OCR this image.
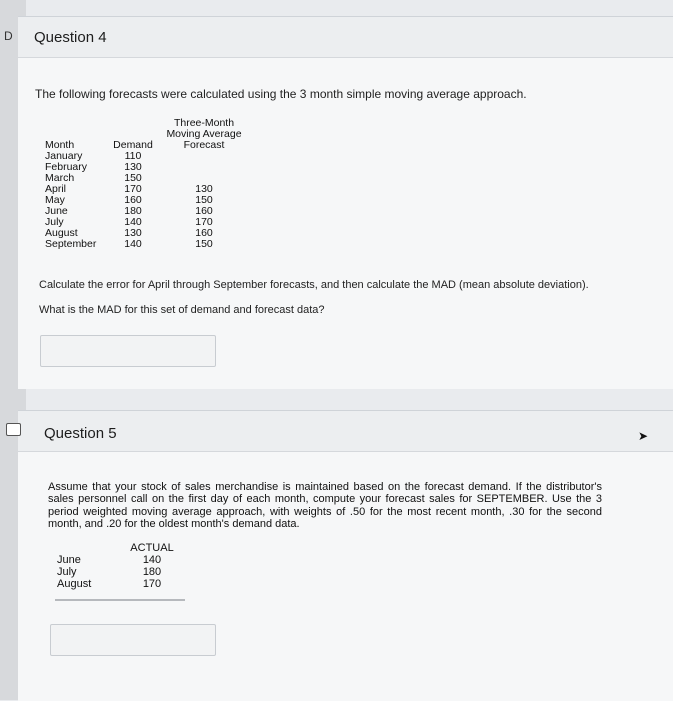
D Question 4
The following forecasts were calculated using the 3 month simple moving average approach.
		Three-Month
		Moving Average
Month	Demand	Forecast
January	110	
February	130	
March	150	
April	170	130
May	160	150
June	180	160
July	140	170
August	130	160
September	140	150
Calculate the error for April through September forecasts, and then calculate the MAD (mean absolute deviation).
What is the MAD for this set of demand and forecast data?
Question 5	➤
Assume that your stock of sales merchandise is maintained based on the forecast demand. If the distributor's sales personnel call on the first day of each month, compute your forecast sales for SEPTEMBER. Use the 3 period weighted moving average approach, with weights of .50 for the most recent month, .30 for the second month, and .20 for the oldest month's demand data.
	ACTUAL
June	140
July	180
August	170
